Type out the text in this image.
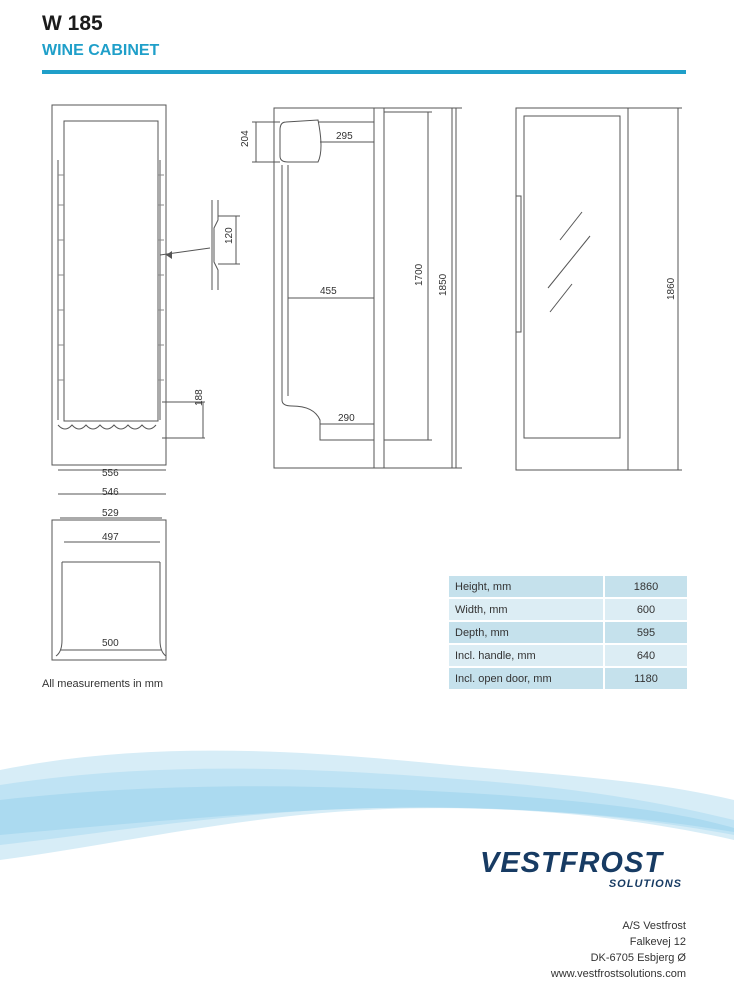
W 185
WINE CABINET
188
120
204	295
455
290
1700 1850	1860
556
546
529
497
500
All measurements in mm
Height, mm	1860
Width, mm	600
Depth, mm	595
Incl. handle, mm	640
Incl. open door, mm	1180
VESTFROST
SOLUTIONS
A/S Vestfrost
Falkevej 12
DK-6705 Esbjerg Ø
www.vestfrostsolutions.com
